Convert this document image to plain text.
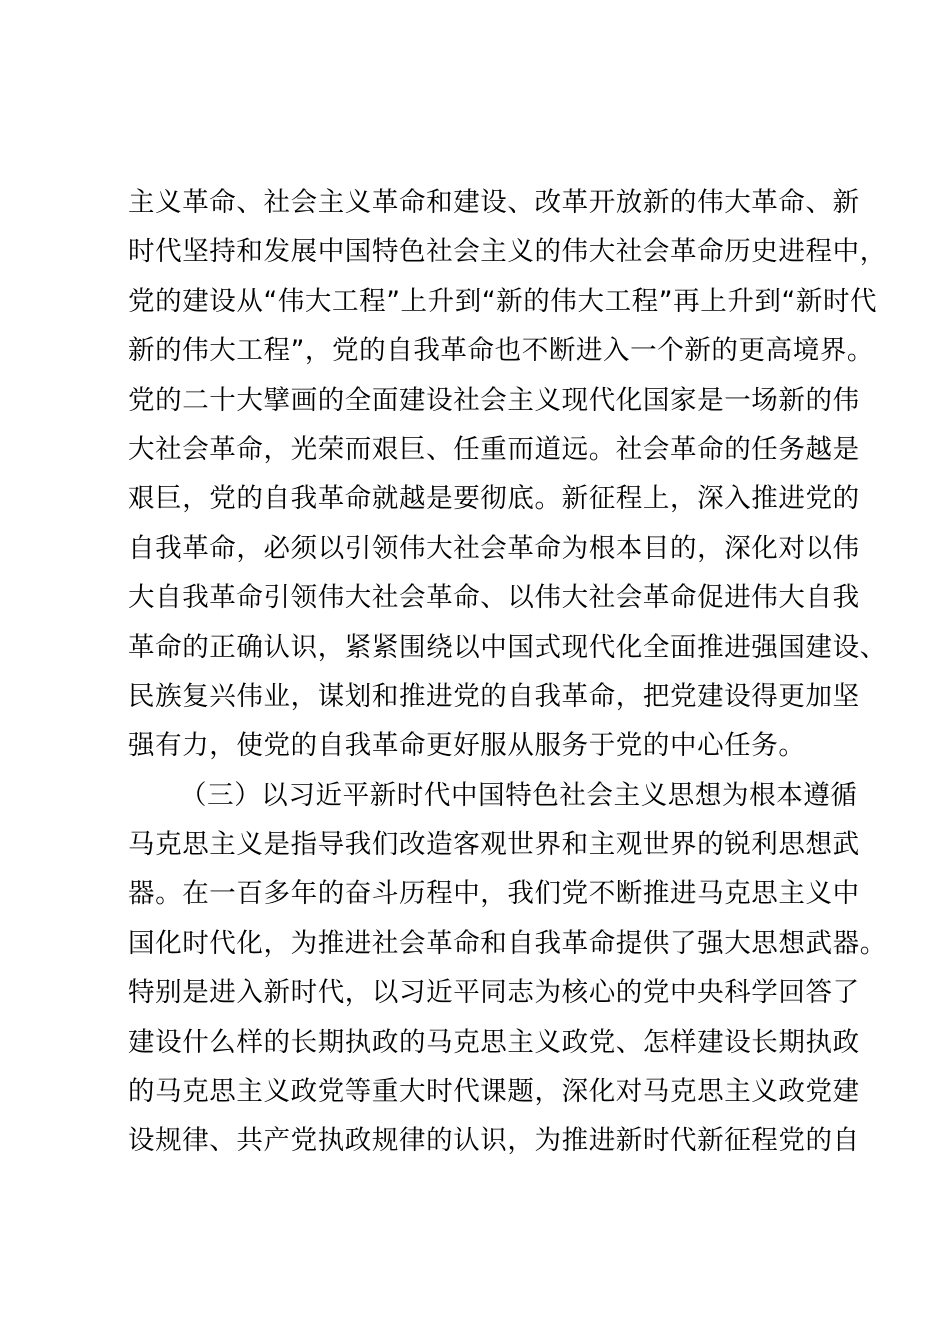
主义革命、社会主义革命和建设、改革开放新的伟大革命、新
时代坚持和发展中国特色社会主义的伟大社会革命历史进程中，
党的建设从“伟大工程”上升到“新的伟大工程”再上升到“新时代
新的伟大工程”，党的自我革命也不断进入一个新的更高境界。
党的二十大擘画的全面建设社会主义现代化国家是一场新的伟
大社会革命，光荣而艰巨、任重而道远。社会革命的任务越是
艰巨，党的自我革命就越是要彻底。新征程上，深入推进党的
自我革命，必须以引领伟大社会革命为根本目的，深化对以伟
大自我革命引领伟大社会革命、以伟大社会革命促进伟大自我
革命的正确认识，紧紧围绕以中国式现代化全面推进强国建设、
民族复兴伟业，谋划和推进党的自我革命，把党建设得更加坚
强有力，使党的自我革命更好服从服务于党的中心任务。
（三）以习近平新时代中国特色社会主义思想为根本遵循
马克思主义是指导我们改造客观世界和主观世界的锐利思想武
器。在一百多年的奋斗历程中，我们党不断推进马克思主义中
国化时代化，为推进社会革命和自我革命提供了强大思想武器。
特别是进入新时代，以习近平同志为核心的党中央科学回答了
建设什么样的长期执政的马克思主义政党、怎样建设长期执政
的马克思主义政党等重大时代课题，深化对马克思主义政党建
设规律、共产党执政规律的认识，为推进新时代新征程党的自
